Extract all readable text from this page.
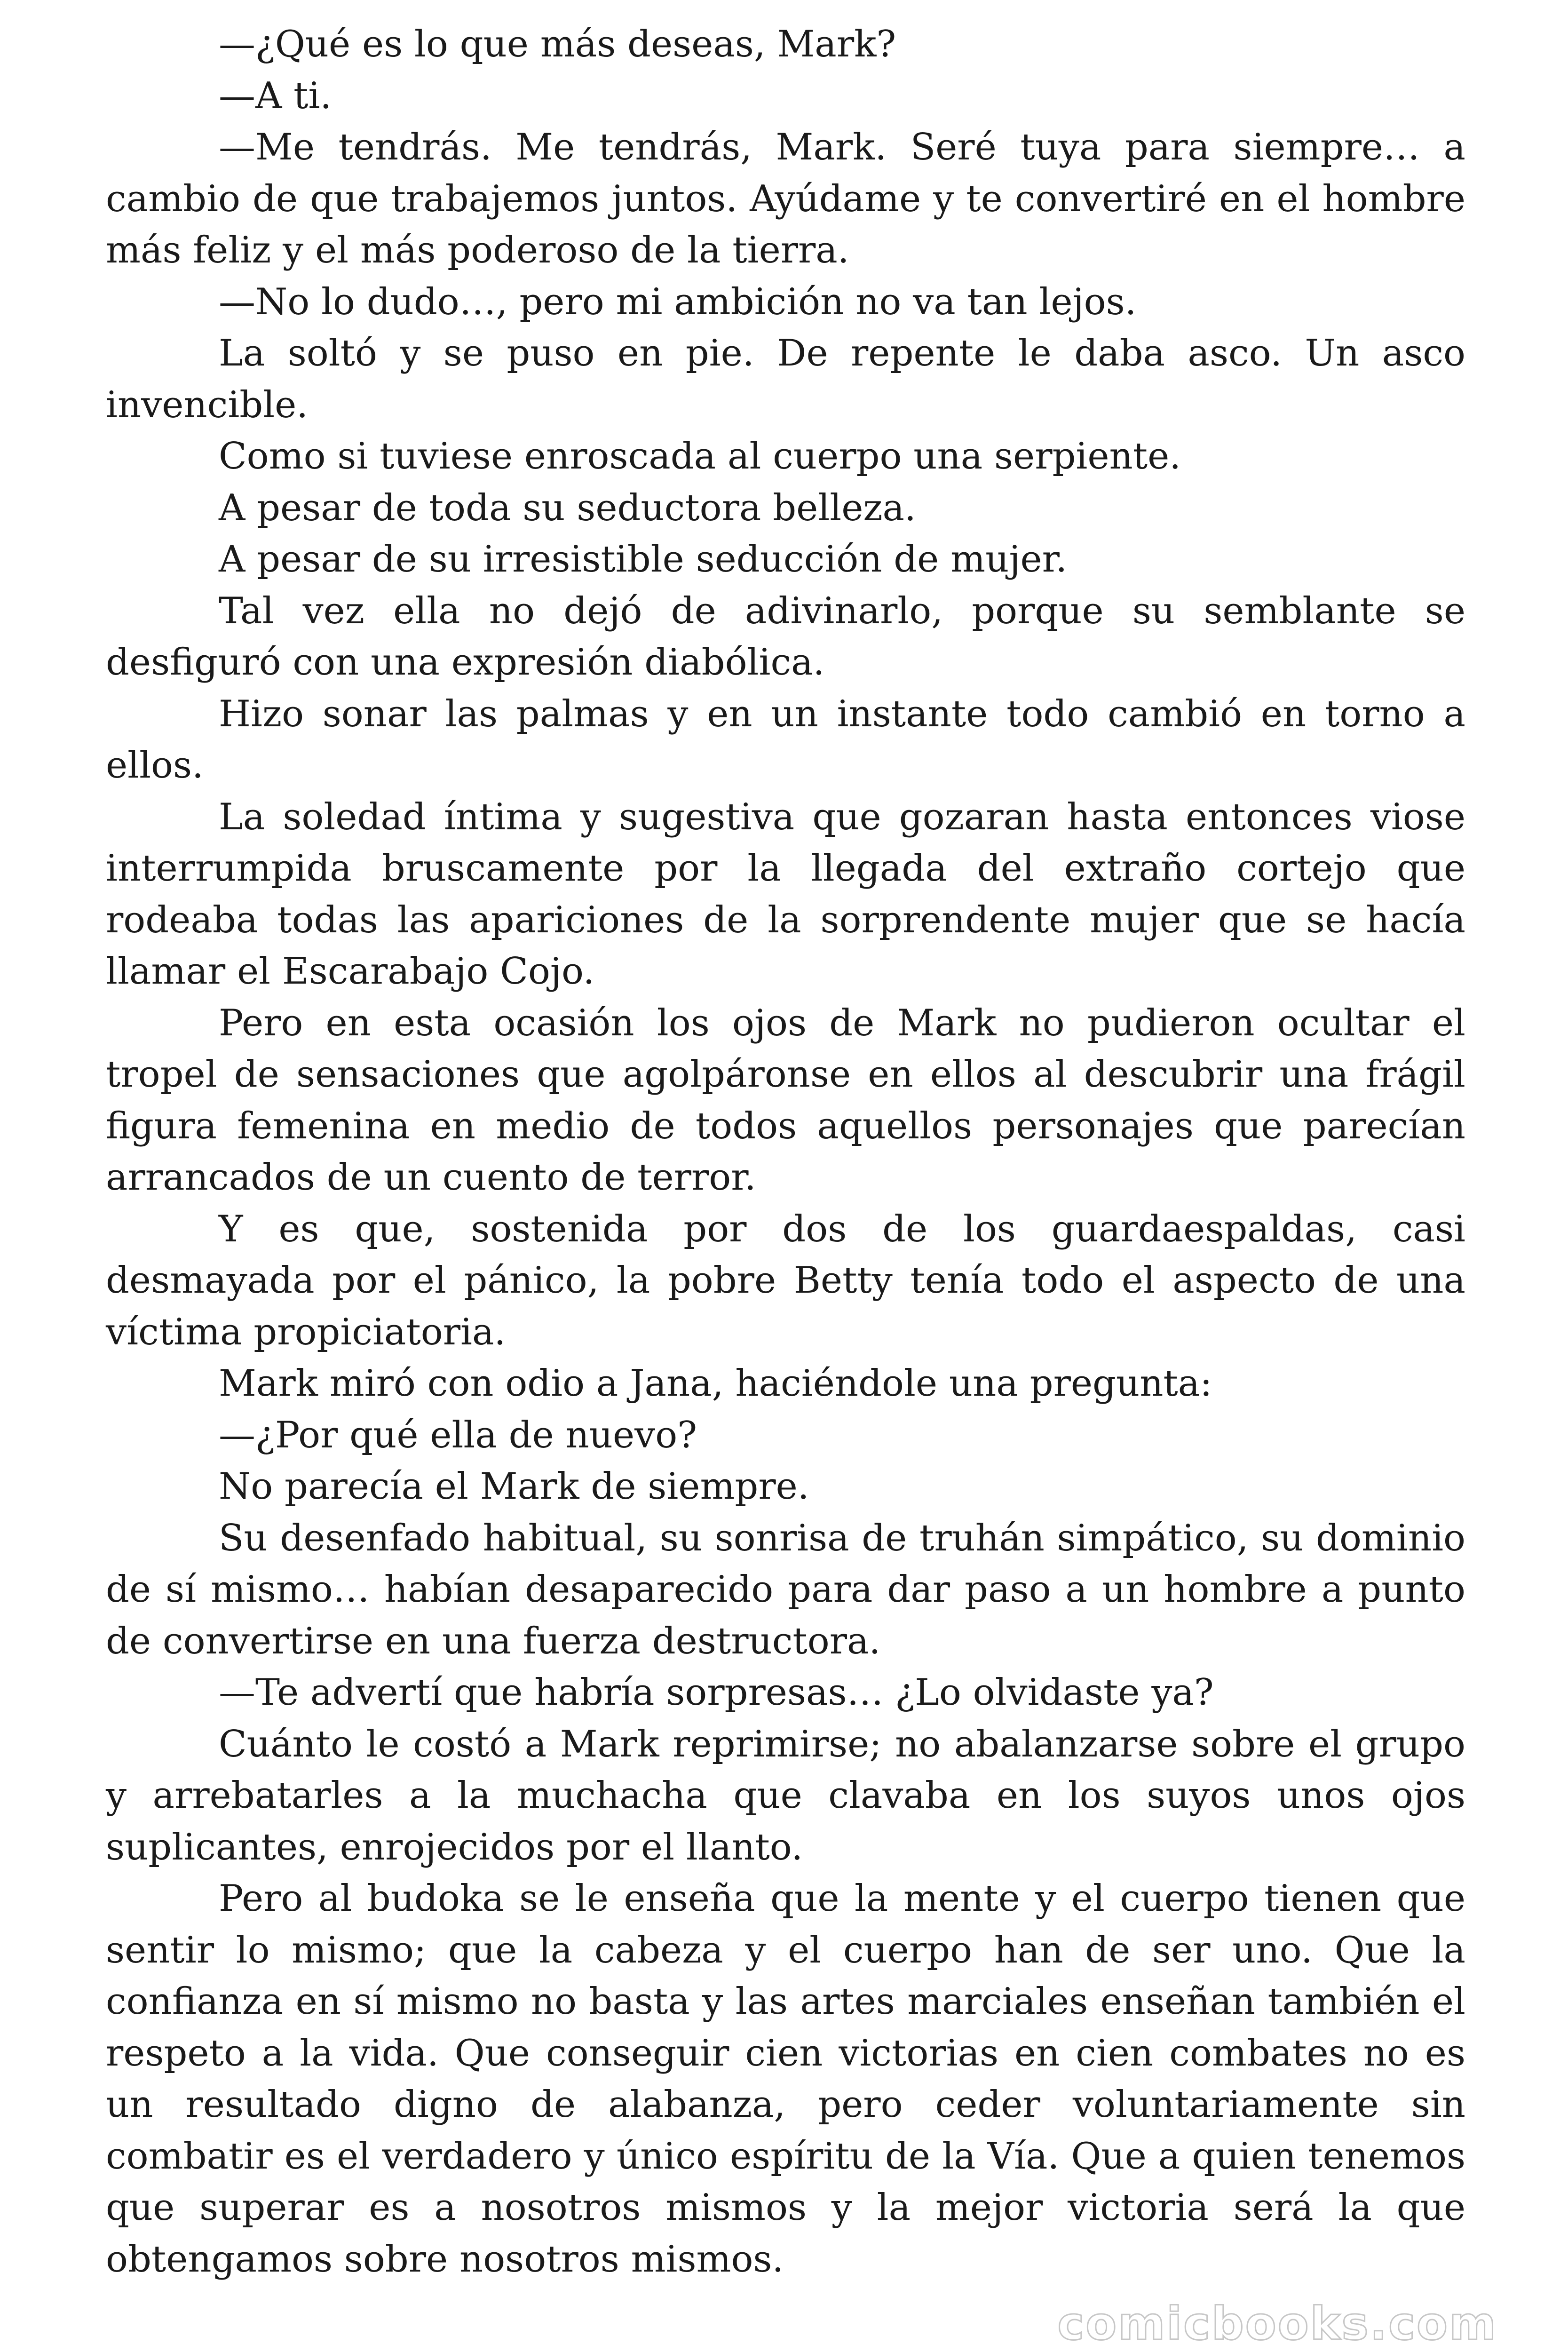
—¿Qué es lo que más deseas, Mark?

—A ti.

—Me tendrás. Me tendrás, Mark. Seré tuya para siempre… a cambio de que trabajemos juntos. Ayúdame y te convertiré en el hombre más feliz y el más poderoso de la tierra.

—No lo dudo…, pero mi ambición no va tan lejos.

La soltó y se puso en pie. De repente le daba asco. Un asco invencible.

Como si tuviese enroscada al cuerpo una serpiente.

A pesar de toda su seductora belleza.

A pesar de su irresistible seducción de mujer.

Tal vez ella no dejó de adivinarlo, porque su semblante se desfiguró con una expresión diabólica.

Hizo sonar las palmas y en un instante todo cambió en torno a ellos.

La soledad íntima y sugestiva que gozaran hasta entonces viose interrumpida bruscamente por la llegada del extraño cortejo que rodeaba todas las apariciones de la sorprendente mujer que se hacía llamar el Escarabajo Cojo.

Pero en esta ocasión los ojos de Mark no pudieron ocultar el tropel de sensaciones que agolpáronse en ellos al descubrir una frágil figura femenina en medio de todos aquellos personajes que parecían arrancados de un cuento de terror.

Y es que, sostenida por dos de los guardaespaldas, casi desmayada por el pánico, la pobre Betty tenía todo el aspecto de una víctima propiciatoria.

Mark miró con odio a Jana, haciéndole una pregunta:

—¿Por qué ella de nuevo?

No parecía el Mark de siempre.

Su desenfado habitual, su sonrisa de truhán simpático, su dominio de sí mismo… habían desaparecido para dar paso a un hombre a punto de convertirse en una fuerza destructora.

—Te advertí que habría sorpresas… ¿Lo olvidaste ya?

Cuánto le costó a Mark reprimirse; no abalanzarse sobre el grupo y arrebatarles a la muchacha que clavaba en los suyos unos ojos suplicantes, enrojecidos por el llanto.

Pero al budoka se le enseña que la mente y el cuerpo tienen que sentir lo mismo; que la cabeza y el cuerpo han de ser uno. Que la confianza en sí mismo no basta y las artes marciales enseñan también el respeto a la vida. Que conseguir cien victorias en cien combates no es un resultado digno de alabanza, pero ceder voluntariamente sin combatir es el verdadero y único espíritu de la Vía. Que a quien tenemos que superar es a nosotros mismos y la mejor victoria será la que obtengamos sobre nosotros mismos.

comicbooks.com
